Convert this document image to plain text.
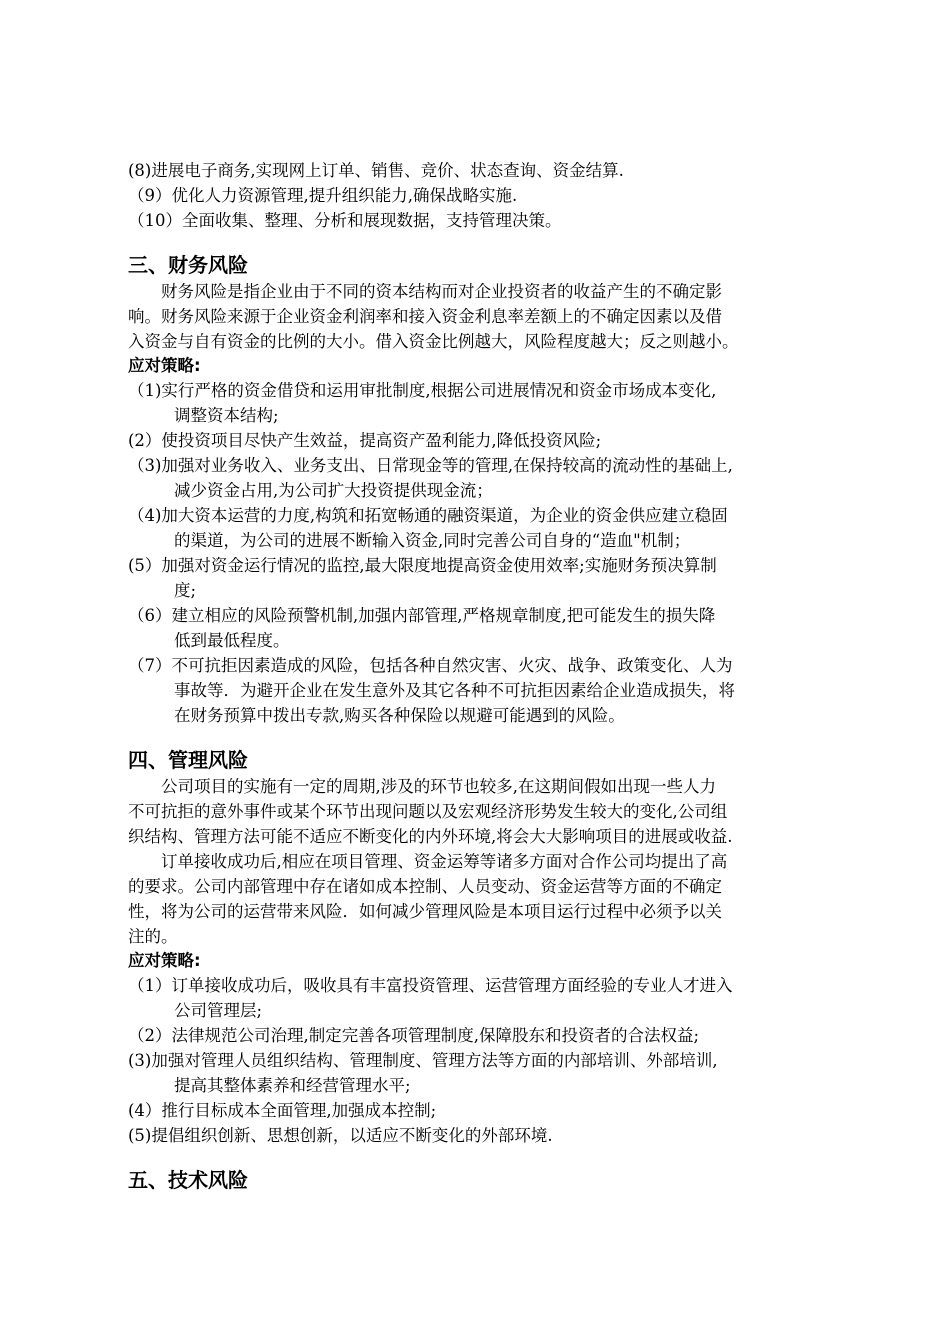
(8)进展电子商务,实现网上订单、销售、竞价、状态查询、资金结算.
（9）优化人力资源管理,提升组织能力,确保战略实施.
（10）全面收集、整理、分析和展现数据，支持管理决策。
三、财务风险
财务风险是指企业由于不同的资本结构而对企业投资者的收益产生的不确定影
响。财务风险来源于企业资金利润率和接入资金利息率差额上的不确定因素以及借
入资金与自有资金的比例的大小。借入资金比例越大，风险程度越大；反之则越小。
应对策略:
（1)实行严格的资金借贷和运用审批制度,根据公司进展情况和资金市场成本变化,
调整资本结构;
(2）使投资项目尽快产生效益，提高资产盈利能力,降低投资风险;
（3)加强对业务收入、业务支出、日常现金等的管理,在保持较高的流动性的基础上,
减少资金占用,为公司扩大投资提供现金流；
（4)加大资本运营的力度,构筑和拓宽畅通的融资渠道，为企业的资金供应建立稳固
的渠道，为公司的进展不断输入资金,同时完善公司自身的“造血"机制；
(5）加强对资金运行情况的监控,最大限度地提高资金使用效率;实施财务预决算制
度;
（6）建立相应的风险预警机制,加强内部管理,严格规章制度,把可能发生的损失降
低到最低程度。
（7）不可抗拒因素造成的风险，包括各种自然灾害、火灾、战争、政策变化、人为
事故等．为避开企业在发生意外及其它各种不可抗拒因素给企业造成损失，将
在财务预算中拨出专款,购买各种保险以规避可能遇到的风险。
四、管理风险
公司项目的实施有一定的周期,涉及的环节也较多,在这期间假如出现一些人力
不可抗拒的意外事件或某个环节出现问题以及宏观经济形势发生较大的变化,公司组
织结构、管理方法可能不适应不断变化的内外环境,将会大大影响项目的进展或收益.
订单接收成功后,相应在项目管理、资金运筹等诸多方面对合作公司均提出了高
的要求。公司内部管理中存在诸如成本控制、人员变动、资金运营等方面的不确定
性，将为公司的运营带来风险．如何减少管理风险是本项目运行过程中必须予以关
注的。
应对策略:
（1）订单接收成功后，吸收具有丰富投资管理、运营管理方面经验的专业人才进入
公司管理层;
（2）法律规范公司治理,制定完善各项管理制度,保障股东和投资者的合法权益;
(3)加强对管理人员组织结构、管理制度、管理方法等方面的内部培训、外部培训,
提高其整体素养和经营管理水平;
(4）推行目标成本全面管理,加强成本控制;
(5)提倡组织创新、思想创新，以适应不断变化的外部环境.
五、技术风险
